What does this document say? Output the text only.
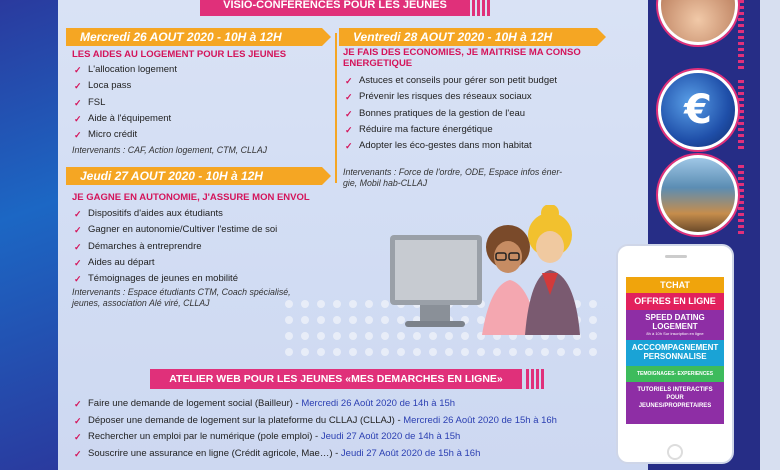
VISIO-CONFERENCES POUR LES JEUNES
Mercredi 26 AOUT 2020 - 10H à 12H
LES AIDES AU LOGEMENT POUR LES JEUNES
✓ L'allocation logement
✓ Loca pass
✓ FSL
✓ Aide à l'équipement
✓ Micro crédit
Intervenants : CAF, Action logement, CTM, CLLAJ
Ventredi 28 AOUT 2020 - 10H à 12H
JE FAIS DES ECONOMIES, JE MAITRISE MA CONSO
ENERGETIQUE
✓ Astuces et conseils pour gérer son petit budget
✓ Prévenir les risques des réseaux sociaux
✓ Bonnes pratiques de la gestion de l'eau
✓ Réduire ma facture énergétique
✓ Adopter les éco-gestes dans mon habitat
Intervenants : Force de l'ordre, ODE, Espace infos éner-
gie, Mobil hab-CLLAJ
Jeudi 27 AOUT 2020 - 10H à 12H
JE GAGNE EN AUTONOMIE, J'ASSURE MON ENVOL
✓ Dispositifs d'aides aux étudiants
✓ Gagner en autonomie/Cultiver l'estime de soi
✓ Démarches à entreprendre
✓ Aides au départ
✓ Témoignages de jeunes en mobilité
Intervenants : Espace étudiants CTM, Coach spécialisé,
jeunes, association Alé viré, CLLAJ
ATELIER WEB POUR LES JEUNES «MES DEMARCHES EN LIGNE»
✓ Faire une demande de logement social (Bailleur) - Mercredi 26 Août 2020 de 14h à 15h
✓ Déposer une demande de logement sur la plateforme du CLLAJ (CLLAJ) - Mercredi 26 Août 2020 de 15h à 16h
✓ Rechercher un emploi par le numérique (pole emploi) - Jeudi 27 Août 2020 de 14h à 15h
✓ Souscrire une assurance en ligne (Crédit agricole, Mae…) - Jeudi 27 Août 2020 de 15h à 16h
€
TCHAT
OFFRES EN LIGNE
SPEED DATING
LOGEMENT
8h à 10h Sur inscription en ligne
ACCCOMPAGNEMENT
PERSONNALISE
TEMOIGNAGES- EXPERIENCES
TUTORIELS INTERACTIFS
POUR
JEUNES/PROPRETAIRES
